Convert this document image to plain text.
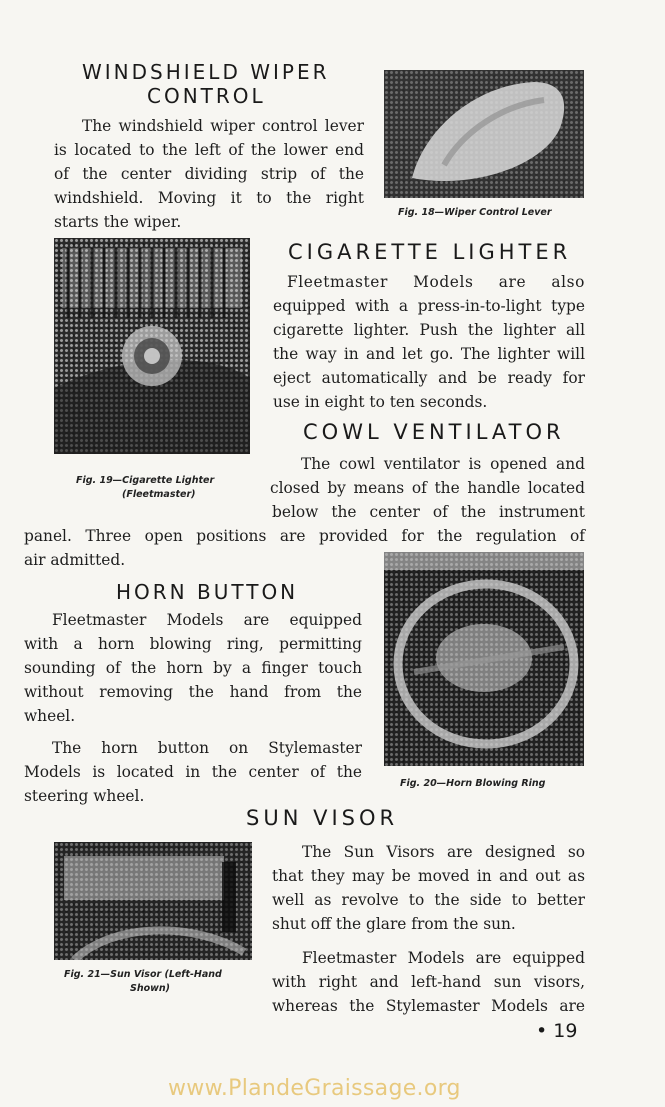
WINDSHIELD WIPER
CONTROL
The windshield wiper control lever
is located to the left of the lower end
of the center dividing strip of the
windshield. Moving it to the right
starts the wiper.
Fig. 18—Wiper Control Lever
Fig. 19—Cigarette Lighter
(Fleetmaster)
CIGARETTE LIGHTER
Fleetmaster Models are also
equipped with a press-in-to-light type
cigarette lighter. Push the lighter all
the way in and let go. The lighter will
eject automatically and be ready for
use in eight to ten seconds.
COWL VENTILATOR
The cowl ventilator is opened and
closed by means of the handle located
below the center of the instrument
panel. Three open positions are provided for the regulation of
air admitted.
HORN BUTTON
Fleetmaster Models are equipped
with a horn blowing ring, permitting
sounding of the horn by a finger touch
without removing the hand from the
wheel.
The horn button on Stylemaster
Models is located in the center of the
steering wheel.
Fig. 20—Horn Blowing Ring
SUN VISOR
The Sun Visors are designed so
that they may be moved in and out as
well as revolve to the side to better
shut off the glare from the sun.
Fleetmaster Models are equipped
with right and left-hand sun visors,
whereas the Stylemaster Models are
Fig. 21—Sun Visor (Left-Hand
Shown)
• 19
www.PlandeGraissage.org
